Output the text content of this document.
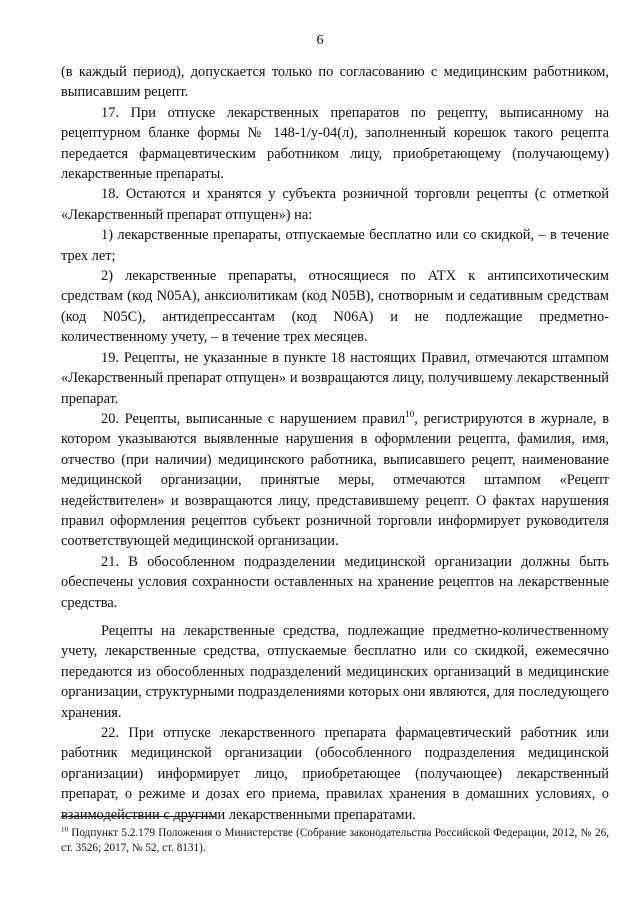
6

(в каждый период), допускается только по согласованию с медицинским работником, выписавшим рецепт.

17. При отпуске лекарственных препаратов по рецепту, выписанному на рецептурном бланке формы № 148-1/у-04(л), заполненный корешок такого рецепта передается фармацевтическим работником лицу, приобретающему (получающему) лекарственные препараты.

18. Остаются и хранятся у субъекта розничной торговли рецепты (с отметкой «Лекарственный препарат отпущен») на:

1) лекарственные препараты, отпускаемые бесплатно или со скидкой, – в течение трех лет;

2) лекарственные препараты, относящиеся по АТХ к антипсихотическим средствам (код N05A), анксиолитикам (код N05B), снотворным и седативным средствам (код N05C), антидепрессантам (код N06A) и не подлежащие предметно-количественному учету, – в течение трех месяцев.

19. Рецепты, не указанные в пункте 18 настоящих Правил, отмечаются штампом «Лекарственный препарат отпущен» и возвращаются лицу, получившему лекарственный препарат.

20. Рецепты, выписанные с нарушением правил$^{10}$, регистрируются в журнале, в котором указываются выявленные нарушения в оформлении рецепта, фамилия, имя, отчество (при наличии) медицинского работника, выписавшего рецепт, наименование медицинской организации, принятые меры, отмечаются штампом «Рецепт недействителен» и возвращаются лицу, представившему рецепт. О фактах нарушения правил оформления рецептов субъект розничной торговли информирует руководителя соответствующей медицинской организации.

21. В обособленном подразделении медицинской организации должны быть обеспечены условия сохранности оставленных на хранение рецептов на лекарственные средства.

Рецепты на лекарственные средства, подлежащие предметно-количественному учету, лекарственные средства, отпускаемые бесплатно или со скидкой, ежемесячно передаются из обособленных подразделений медицинских организаций в медицинские организации, структурными подразделениями которых они являются, для последующего хранения.

22. При отпуске лекарственного препарата фармацевтический работник или работник медицинской организации (обособленного подразделения медицинской организации) информирует лицо, приобретающее (получающее) лекарственный препарат, о режиме и дозах его приема, правилах хранения в домашних условиях, о взаимодействии с другими лекарственными препаратами.

$^{10}$ Подпункт 5.2.179 Положения о Министерстве (Собрание законодательства Российской Федерации, 2012, № 26, ст. 3526; 2017, № 52, ст. 8131).
